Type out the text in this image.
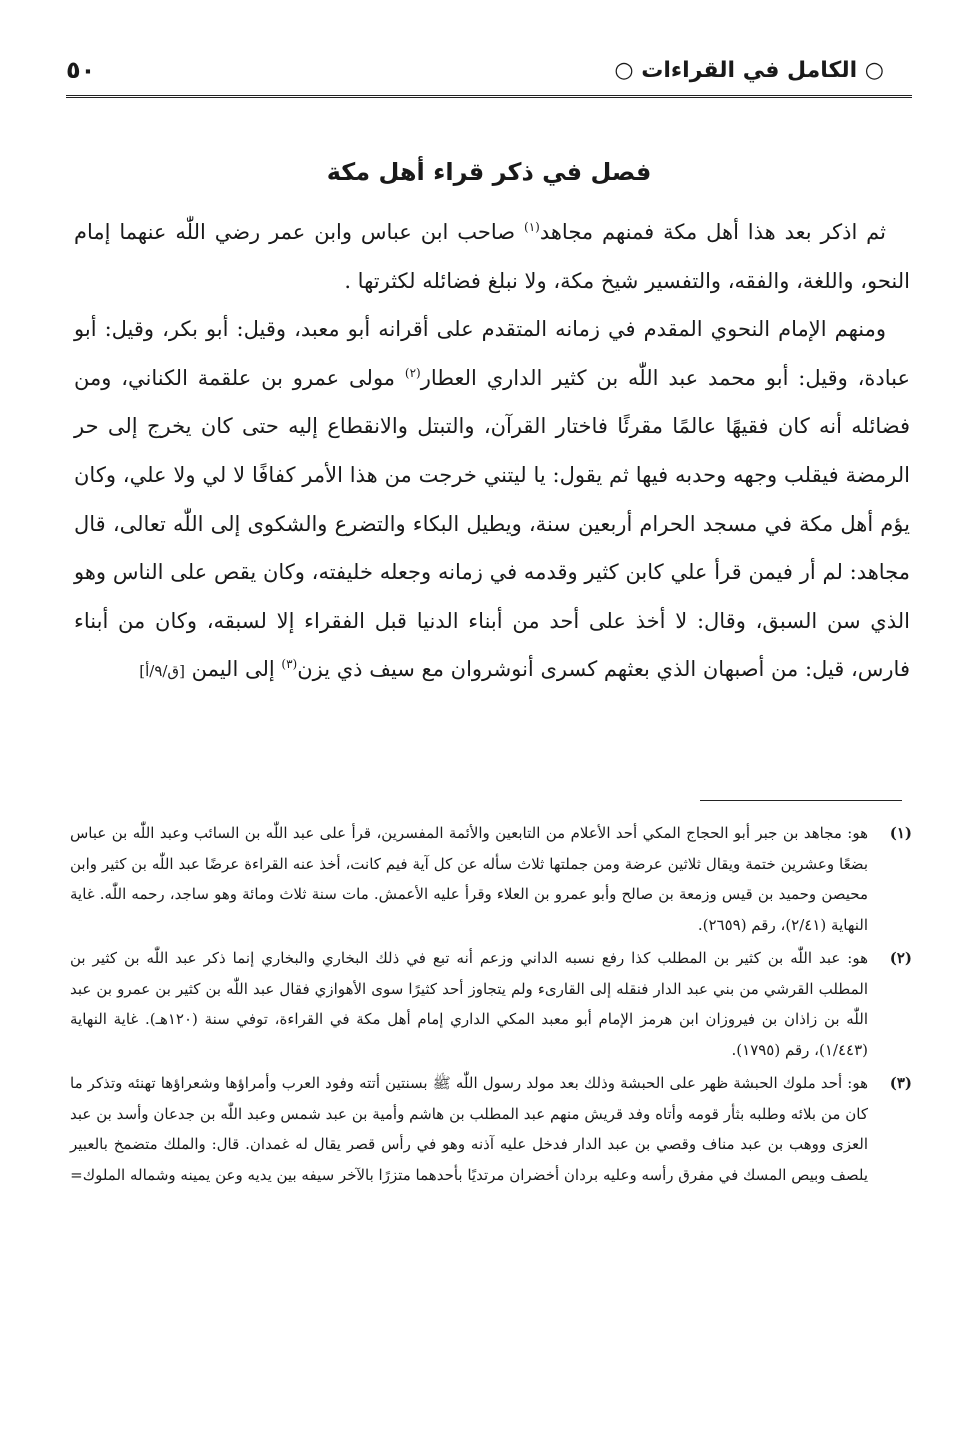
○ الكامل في القراءات ○
٥٠
فصل في ذكر قراء أهل مكة

ثم اذكر بعد هذا أهل مكة فمنهم مجاهد$^{(١)}$ صاحب ابن عباس وابن عمر رضي اللّٰه عنهما إمام النحو، واللغة، والفقه، والتفسير شيخ مكة، ولا نبلغ فضائله لكثرتها .

ومنهم الإمام النحوي المقدم في زمانه المتقدم على أقرانه أبو معبد، وقيل: أبو بكر، وقيل: أبو عبادة، وقيل: أبو محمد عبد اللّٰه بن كثير الداري العطار$^{(٢)}$ مولى عمرو بن علقمة الكناني، ومن فضائله أنه كان فقيهًا عالمًا مقرئًا فاختار القرآن، والتبتل والانقطاع إليه حتى كان يخرج إلى حر الرمضة فيقلب وجهه وحدبه فيها ثم يقول: يا ليتني خرجت من هذا الأمر كفافًا لا لي ولا علي، وكان يؤم أهل مكة في مسجد الحرام أربعين سنة، ويطيل البكاء والتضرع والشكوى إلى اللّٰه تعالى، قال مجاهد: لم أر فيمن قرأ علي كابن كثير وقدمه في زمانه وجعله خليفته، وكان يقص على الناس وهو الذي سن السبق، وقال: لا أخذ على أحد من أبناء الدنيا قبل الفقراء إلا لسبقه، وكان من أبناء فارس، قيل: من أصبهان الذي بعثهم كسرى أنوشروان مع سيف ذي يزن$^{(٣)}$ إلى اليمن [ق/٩/أ]

(١)
هو: مجاهد بن جبر أبو الحجاج المكي أحد الأعلام من التابعين والأئمة المفسرين، قرأ على عبد اللّٰه بن السائب وعبد اللّٰه بن عباس بضعًا وعشرين ختمة ويقال ثلاثين عرضة ومن جملتها ثلاث سأله عن كل آية فيم كانت، أخذ عنه القراءة عرضًا عبد اللّٰه بن كثير وابن محيصن وحميد بن قيس وزمعة بن صالح وأبو عمرو بن العلاء وقرأ عليه الأعمش. مات سنة ثلاث ومائة وهو ساجد، رحمه اللّٰه. غاية النهاية (٢/٤١)، رقم (٢٦٥٩).
(٢)
هو: عبد اللّٰه بن كثير بن المطلب كذا رفع نسبه الداني وزعم أنه تبع في ذلك البخاري والبخاري إنما ذكر عبد اللّٰه بن كثير بن المطلب القرشي من بني عبد الدار فنقله إلى القارىء ولم يتجاوز أحد كثيرًا سوى الأهوازي فقال عبد اللّٰه بن كثير بن عمرو بن عبد اللّٰه بن زاذان بن فيروزان ابن هرمز الإمام أبو معبد المكي الداري إمام أهل مكة في القراءة، توفي سنة (١٢٠هـ). غاية النهاية (١/٤٤٣)، رقم (١٧٩٥).
(٣)
هو: أحد ملوك الحبشة ظهر على الحبشة وذلك بعد مولد رسول اللّٰه ﷺ بسنتين أتته وفود العرب وأمراؤها وشعراؤها تهنئه وتذكر ما كان من بلائه وطلبه بثأر قومه وأتاه وفد قريش منهم عبد المطلب بن هاشم وأمية بن عبد شمس وعبد اللّٰه بن جدعان وأسد بن عبد العزى ووهب بن عبد مناف وقصي بن عبد الدار فدخل عليه آذنه وهو في رأس قصر يقال له غمدان. قال: والملك متضمخ بالعبير يلصف وبيص المسك في مفرق رأسه وعليه بردان أخضران مرتديًا بأحدهما متزرًا بالآخر سيفه بين يديه وعن يمينه وشماله الملوك=
